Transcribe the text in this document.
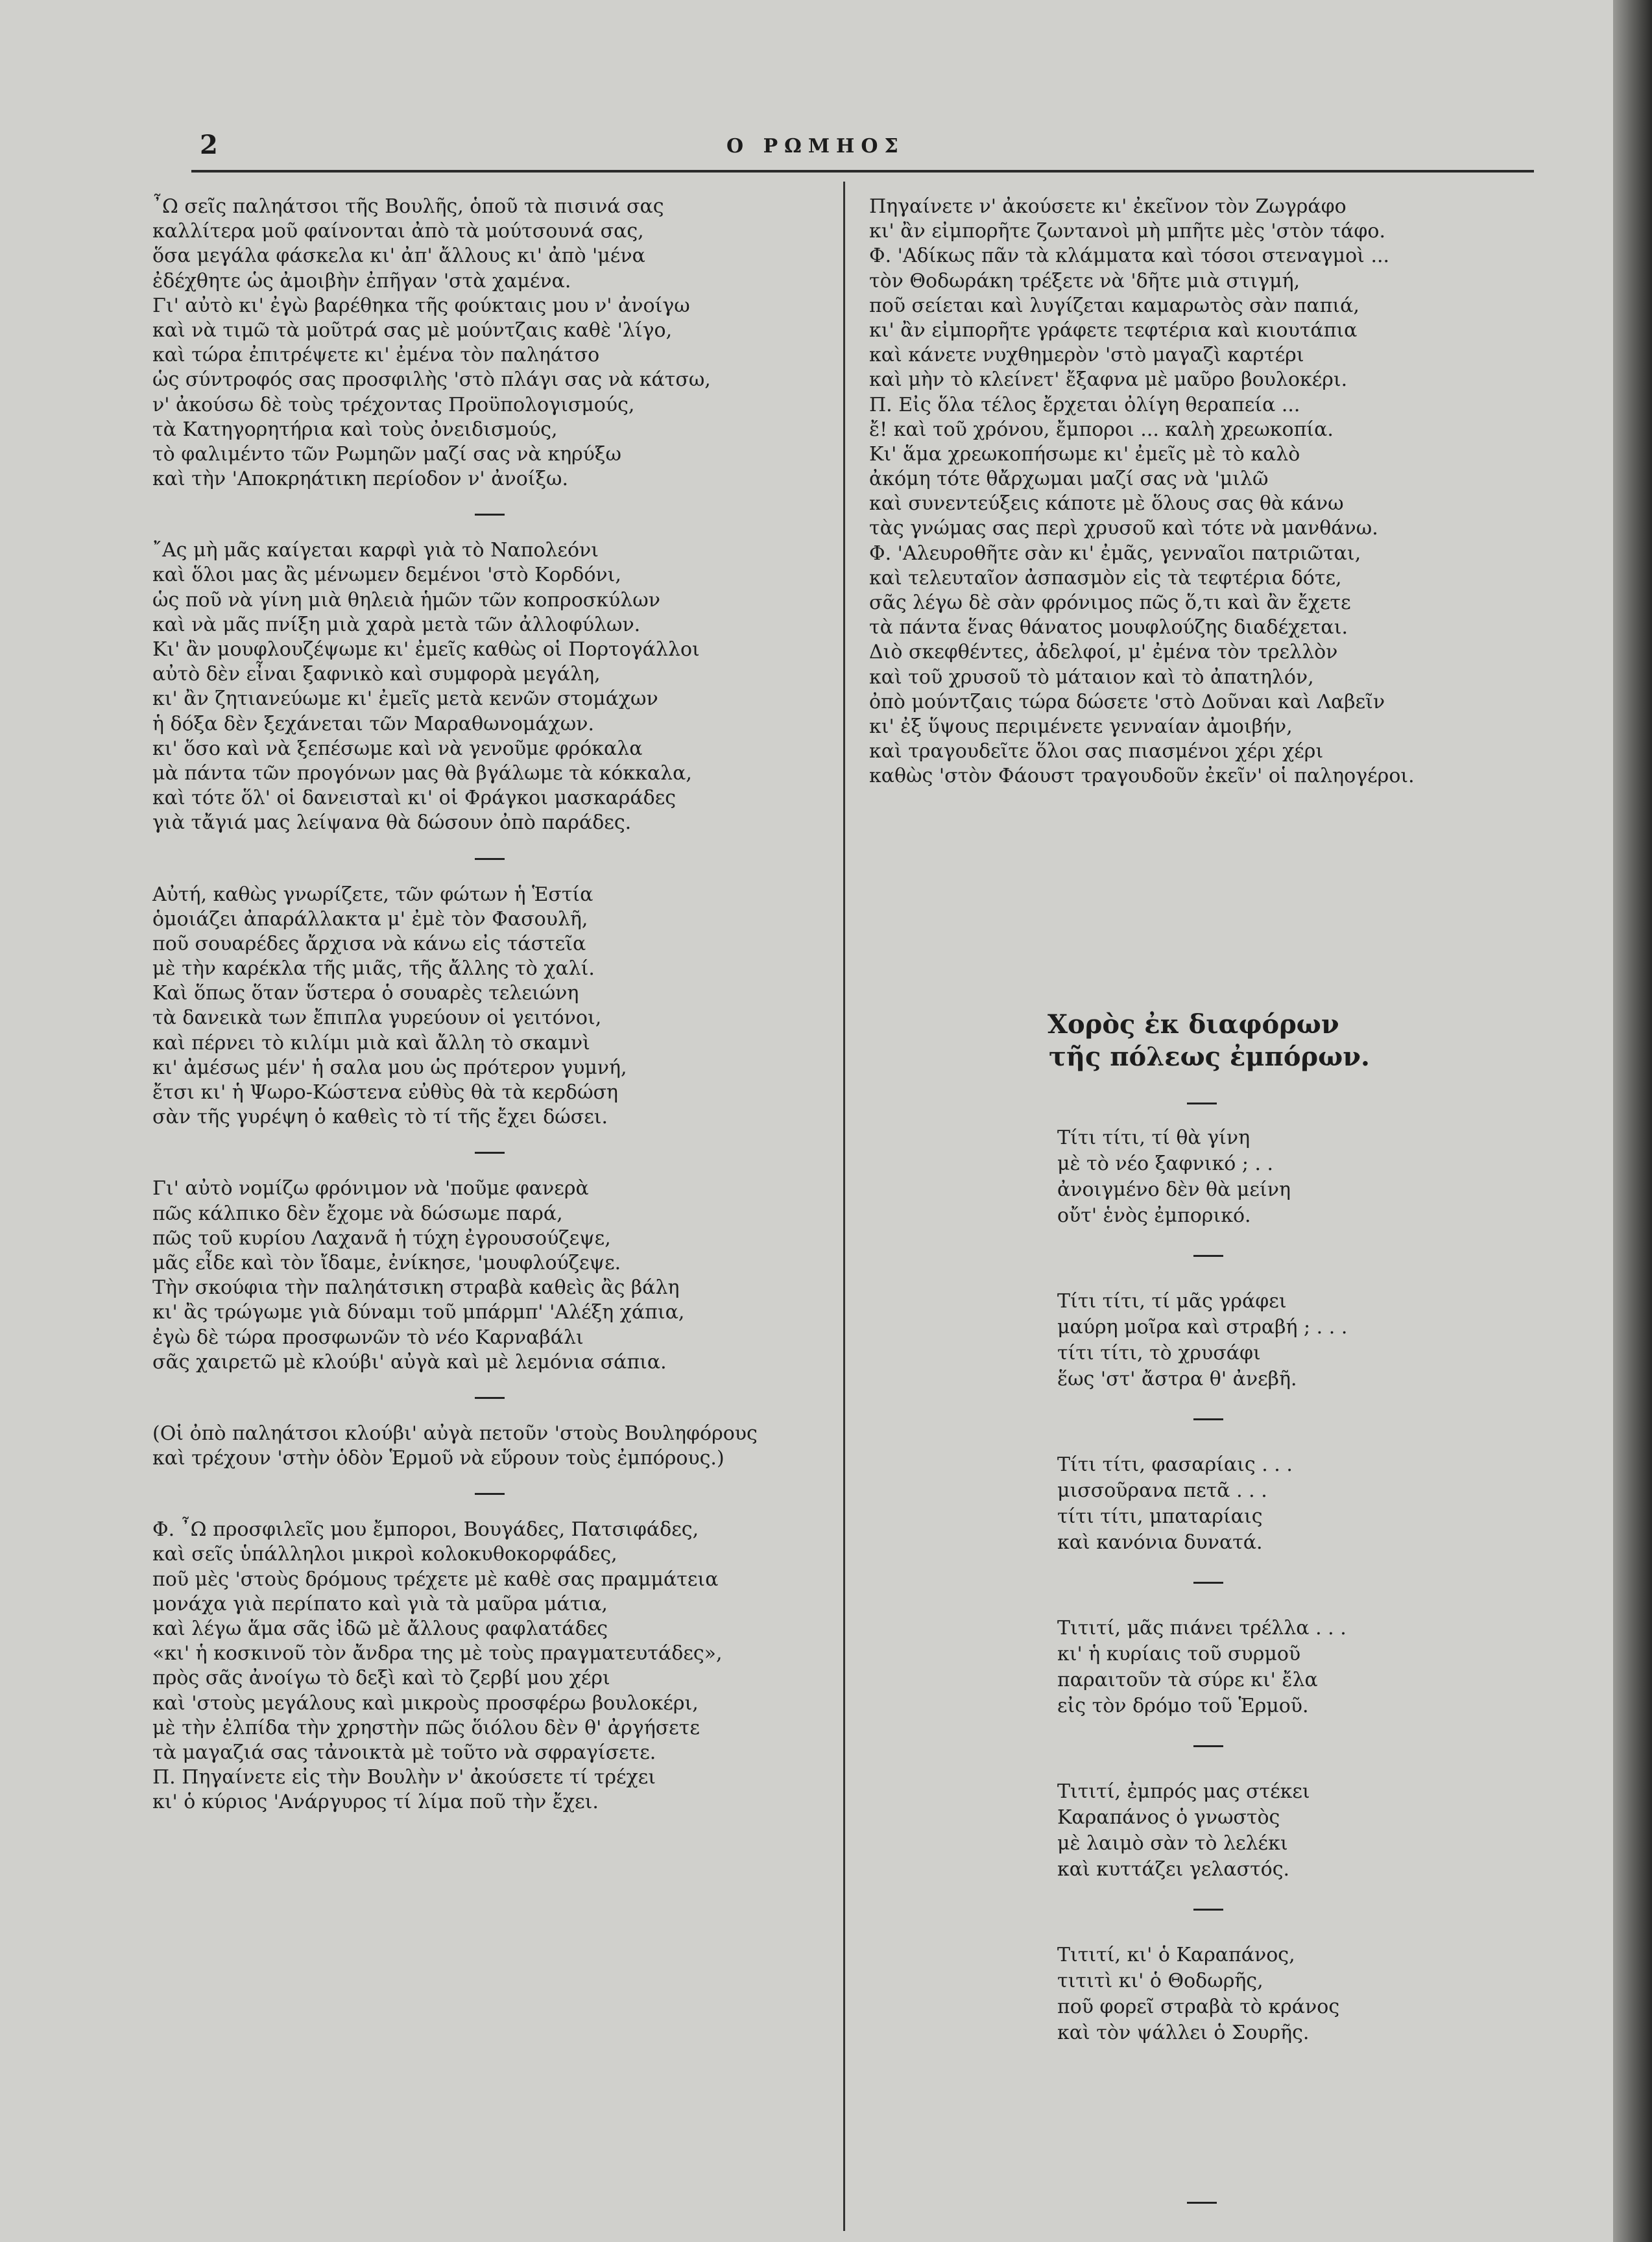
2	Ο ΡΩΜΗΟΣ
῏Ω σεῖς παληάτσοι τῆς Βουλῆς, ὁποῦ τὰ πισινά σας
καλλίτερα μοῦ φαίνονται ἀπὸ τὰ μούτσουνά σας,
ὅσα μεγάλα φάσκελα κι' ἀπ' ἄλλους κι' ἀπὸ 'μένα
ἐδέχθητε ὡς ἀμοιβὴν ἐπῆγαν 'στὰ χαμένα.
Γι' αὐτὸ κι' ἐγὼ βαρέθηκα τῆς φούκταις μου ν' ἀνοίγω
καὶ νὰ τιμῶ τὰ μοῦτρά σας μὲ μούντζαις καθὲ 'λίγο,
καὶ τώρα ἐπιτρέψετε κι' ἐμένα τὸν παληάτσο
ὡς σύντροφός σας προσφιλὴς 'στὸ πλάγι σας νὰ κάτσω,
ν' ἀκούσω δὲ τοὺς τρέχοντας Προϋπολογισμούς,
τὰ Κατηγορητήρια καὶ τοὺς ὀνειδισμούς,
τὸ φαλιμέντο τῶν Ρωμηῶν μαζί σας νὰ κηρύξω
καὶ τὴν 'Αποκρηάτικη περίοδον ν' ἀνοίξω.
῎Ας μὴ μᾶς καίγεται καρφὶ γιὰ τὸ Ναπολεόνι
καὶ ὅλοι μας ἂς μένωμεν δεμένοι 'στὸ Κορδόνι,
ὡς ποῦ νὰ γίνη μιὰ θηλειὰ ἡμῶν τῶν κοπροσκύλων
καὶ νὰ μᾶς πνίξη μιὰ χαρὰ μετὰ τῶν ἀλλοφύλων.
Κι' ἂν μουφλουζέψωμε κι' ἐμεῖς καθὼς οἱ Πορτογάλλοι
αὐτὸ δὲν εἶναι ξαφνικὸ καὶ συμφορὰ μεγάλη,
κι' ἂν ζητιανεύωμε κι' ἐμεῖς μετὰ κενῶν στομάχων
ἡ δόξα δὲν ξεχάνεται τῶν Μαραθωνομάχων.
κι' ὅσο καὶ νὰ ξεπέσωμε καὶ νὰ γενοῦμε φρόκαλα
μὰ πάντα τῶν προγόνων μας θὰ βγάλωμε τὰ κόκκαλα,
καὶ τότε ὅλ' οἱ δανεισταὶ κι' οἱ Φράγκοι μασκαράδες
γιὰ τἄγιά μας λείψανα θὰ δώσουν ὀπὸ παράδες.
Αὐτή, καθὼς γνωρίζετε, τῶν φώτων ἡ Ἑστία
ὁμοιάζει ἀπαράλλακτα μ' ἐμὲ τὸν Φασουλῆ,
ποῦ σουαρέδες ἄρχισα νὰ κάνω εἰς τάστεῖα
μὲ τὴν καρέκλα τῆς μιᾶς, τῆς ἄλλης τὸ χαλί.
Καὶ ὅπως ὅταν ὕστερα ὁ σουαρὲς τελειώνη
τὰ δανεικὰ των ἔπιπλα γυρεύουν οἱ γειτόνοι,
καὶ πέρνει τὸ κιλίμι μιὰ καὶ ἄλλη τὸ σκαμνὶ
κι' ἀμέσως μέν' ἡ σαλα μου ὡς πρότερον γυμνή,
ἔτσι κι' ἡ Ψωρο-Κώστενα εὐθὺς θὰ τὰ κερδώση
σὰν τῆς γυρέψη ὁ καθεὶς τὸ τί τῆς ἔχει δώσει.
Γι' αὐτὸ νομίζω φρόνιμον νὰ 'ποῦμε φανερὰ
πῶς κάλπικο δὲν ἔχομε νὰ δώσωμε παρά,
πῶς τοῦ κυρίου Λαχανᾶ ἡ τύχη ἐγρουσούζεψε,
μᾶς εἶδε καὶ τὸν ἴδαμε, ἐνίκησε, 'μουφλούζεψε.
Τὴν σκούφια τὴν παληάτσικη στραβὰ καθεὶς ἂς βάλη
κι' ἂς τρώγωμε γιὰ δύναμι τοῦ μπάρμπ' 'Αλέξη χάπια,
ἐγὼ δὲ τώρα προσφωνῶν τὸ νέο Καρναβάλι
σᾶς χαιρετῶ μὲ κλούβι' αὐγὰ καὶ μὲ λεμόνια σάπια.
(Οἱ ὀπὸ παληάτσοι κλούβι' αὐγὰ πετοῦν 'στοὺς Βουληφόρους
καὶ τρέχουν 'στὴν ὁδὸν Ἑρμοῦ νὰ εὕρουν τοὺς ἐμπόρους.)
Φ. ῏Ω προσφιλεῖς μου ἔμποροι, Βουγάδες, Πατσιφάδες,
καὶ σεῖς ὑπάλληλοι μικροὶ κολοκυθοκορφάδες,
ποῦ μὲς 'στοὺς δρόμους τρέχετε μὲ καθὲ σας πραμμάτεια
μονάχα γιὰ περίπατο καὶ γιὰ τὰ μαῦρα μάτια,
καὶ λέγω ἅμα σᾶς ἰδῶ μὲ ἄλλους φαφλατάδες
«κι' ἡ κοσκινοῦ τὸν ἄνδρα της μὲ τοὺς πραγματευτάδες»,
πρὸς σᾶς ἀνοίγω τὸ δεξὶ καὶ τὸ ζερβί μου χέρι
καὶ 'στοὺς μεγάλους καὶ μικροὺς προσφέρω βουλοκέρι,
μὲ τὴν ἐλπίδα τὴν χρηστὴν πῶς ὅιόλου δὲν θ' ἀργήσετε
τὰ μαγαζιά σας τἀνοικτὰ μὲ τοῦτο νὰ σφραγίσετε.
Π. Πηγαίνετε εἰς τὴν Βουλὴν ν' ἀκούσετε τί τρέχει
κι' ὁ κύριος 'Ανάργυρος τί λίμα ποῦ τὴν ἔχει.
Πηγαίνετε ν' ἀκούσετε κι' ἐκεῖνον τὸν Ζωγράφο
κι' ἂν εἰμπορῆτε ζωντανοὶ μὴ μπῆτε μὲς 'στὸν τάφο.
Φ. 'Αδίκως πᾶν τὰ κλάμματα καὶ τόσοι στεναγμοὶ ...
τὸν Θοδωράκη τρέξετε νὰ 'δῆτε μιὰ στιγμή,
ποῦ σείεται καὶ λυγίζεται καμαρωτὸς σὰν παπιά,
κι' ἂν εἰμπορῆτε γράφετε τεφτέρια καὶ κιουτάπια
καὶ κάνετε νυχθημερὸν 'στὸ μαγαζὶ καρτέρι
καὶ μὴν τὸ κλείνετ' ἔξαφνα μὲ μαῦρο βουλοκέρι.
Π. Εἰς ὅλα τέλος ἔρχεται ὀλίγη θεραπεία ...
ἔ! καὶ τοῦ χρόνου, ἔμποροι ... καλὴ χρεωκοπία.
Κι' ἅμα χρεωκοπήσωμε κι' ἐμεῖς μὲ τὸ καλὸ
ἀκόμη τότε θἄρχωμαι μαζί σας νὰ 'μιλῶ
καὶ συνεντεύξεις κάποτε μὲ ὅλους σας θὰ κάνω
τὰς γνώμας σας περὶ χρυσοῦ καὶ τότε νὰ μανθάνω.
Φ. 'Αλευροθῆτε σὰν κι' ἐμᾶς, γενναῖοι πατριῶται,
καὶ τελευταῖον ἀσπασμὸν εἰς τὰ τεφτέρια δότε,
σᾶς λέγω δὲ σὰν φρόνιμος πῶς ὅ,τι καὶ ἂν ἔχετε
τὰ πάντα ἕνας θάνατος μουφλούζης διαδέχεται.
Διὸ σκεφθέντες, ἀδελφοί, μ' ἐμένα τὸν τρελλὸν
καὶ τοῦ χρυσοῦ τὸ μάταιον καὶ τὸ ἀπατηλόν,
ὀπὸ μούντζαις τώρα δώσετε 'στὸ Δοῦναι καὶ Λαβεῖν
κι' ἐξ ὕψους περιμένετε γενναίαν ἀμοιβήν,
καὶ τραγουδεῖτε ὅλοι σας πιασμένοι χέρι χέρι
καθὼς 'στὸν Φάουστ τραγουδοῦν ἐκεῖν' οἱ παληογέροι.
Χορὸς ἐκ διαφόρων
τῆς πόλεως ἐμπόρων.
Τίτι τίτι, τί θὰ γίνη
μὲ τὸ νέο ξαφνικό ; . .
ἀνοιγμένο δὲν θὰ μείνη
οὔτ' ἑνὸς ἐμπορικό.
Τίτι τίτι, τί μᾶς γράφει
μαύρη μοῖρα καὶ στραβή ; . . .
τίτι τίτι, τὸ χρυσάφι
ἕως 'στ' ἄστρα θ' ἀνεβῆ.
Τίτι τίτι, φασαρίαις . . .
μισσοῦρανα πετᾶ . . .
τίτι τίτι, μπαταρίαις
καὶ κανόνια δυνατά.
Τιτιτί, μᾶς πιάνει τρέλλα . . .
κι' ἡ κυρίαις τοῦ συρμοῦ
παραιτοῦν τὰ σύρε κι' ἔλα
εἰς τὸν δρόμο τοῦ Ἑρμοῦ.
Τιτιτί, ἐμπρός μας στέκει
Καραπάνος ὁ γνωστὸς
μὲ λαιμὸ σὰν τὸ λελέκι
καὶ κυττάζει γελαστός.
Τιτιτί, κι' ὁ Καραπάνος,
τιτιτὶ κι' ὁ Θοδωρῆς,
ποῦ φορεῖ στραβὰ τὸ κράνος
καὶ τὸν ψάλλει ὁ Σουρῆς.
